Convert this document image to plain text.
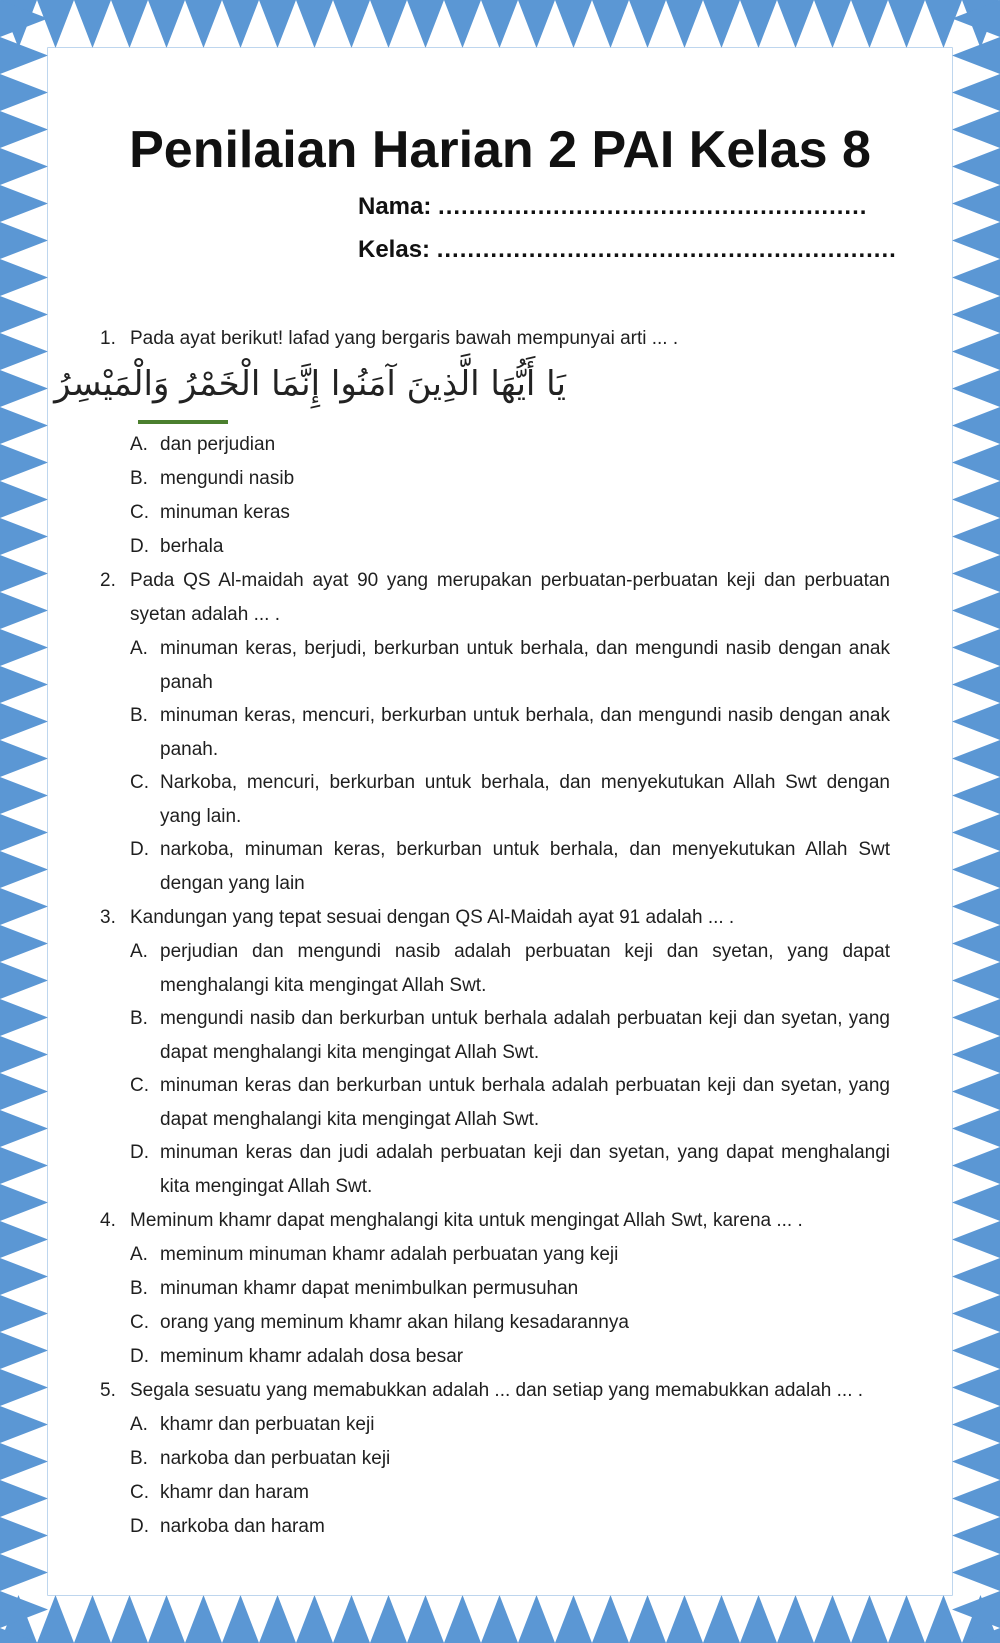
Penilaian Harian 2 PAI Kelas 8
Nama: ........................................................
Kelas: ............................................................
1. Pada ayat berikut! lafad yang bergaris bawah mempunyai arti ... .
يَا أَيُّهَا الَّذِينَ آمَنُوا إِنَّمَا الْخَمْرُ وَالْمَيْسِرُ
A. dan perjudian
B. mengundi nasib
C. minuman keras
D. berhala
2. Pada QS Al-maidah ayat 90 yang merupakan perbuatan-perbuatan keji dan perbuatan syetan adalah ... .
A. minuman keras, berjudi, berkurban untuk berhala, dan mengundi nasib dengan anak panah
B. minuman keras, mencuri, berkurban untuk berhala, dan mengundi nasib dengan anak panah.
C. Narkoba, mencuri, berkurban untuk berhala, dan menyekutukan Allah Swt dengan yang lain.
D. narkoba, minuman keras, berkurban untuk berhala, dan menyekutukan Allah Swt dengan yang lain
3. Kandungan yang tepat sesuai dengan QS Al-Maidah ayat 91 adalah ... .
A. perjudian dan mengundi nasib adalah perbuatan keji dan syetan, yang dapat menghalangi kita mengingat Allah Swt.
B. mengundi nasib dan berkurban untuk berhala adalah perbuatan keji dan syetan, yang dapat menghalangi kita mengingat Allah Swt.
C. minuman keras dan berkurban untuk berhala adalah perbuatan keji dan syetan, yang dapat menghalangi kita mengingat Allah Swt.
D. minuman keras dan judi adalah perbuatan keji dan syetan, yang dapat menghalangi kita mengingat Allah Swt.
4. Meminum khamr dapat menghalangi kita untuk mengingat Allah Swt, karena ... .
A. meminum minuman khamr adalah perbuatan yang keji
B. minuman khamr dapat menimbulkan permusuhan
C. orang yang meminum khamr akan hilang kesadarannya
D. meminum khamr adalah dosa besar
5. Segala sesuatu yang memabukkan adalah ... dan setiap yang memabukkan adalah ... .
A. khamr dan perbuatan keji
B. narkoba dan perbuatan keji
C. khamr dan haram
D. narkoba dan haram
